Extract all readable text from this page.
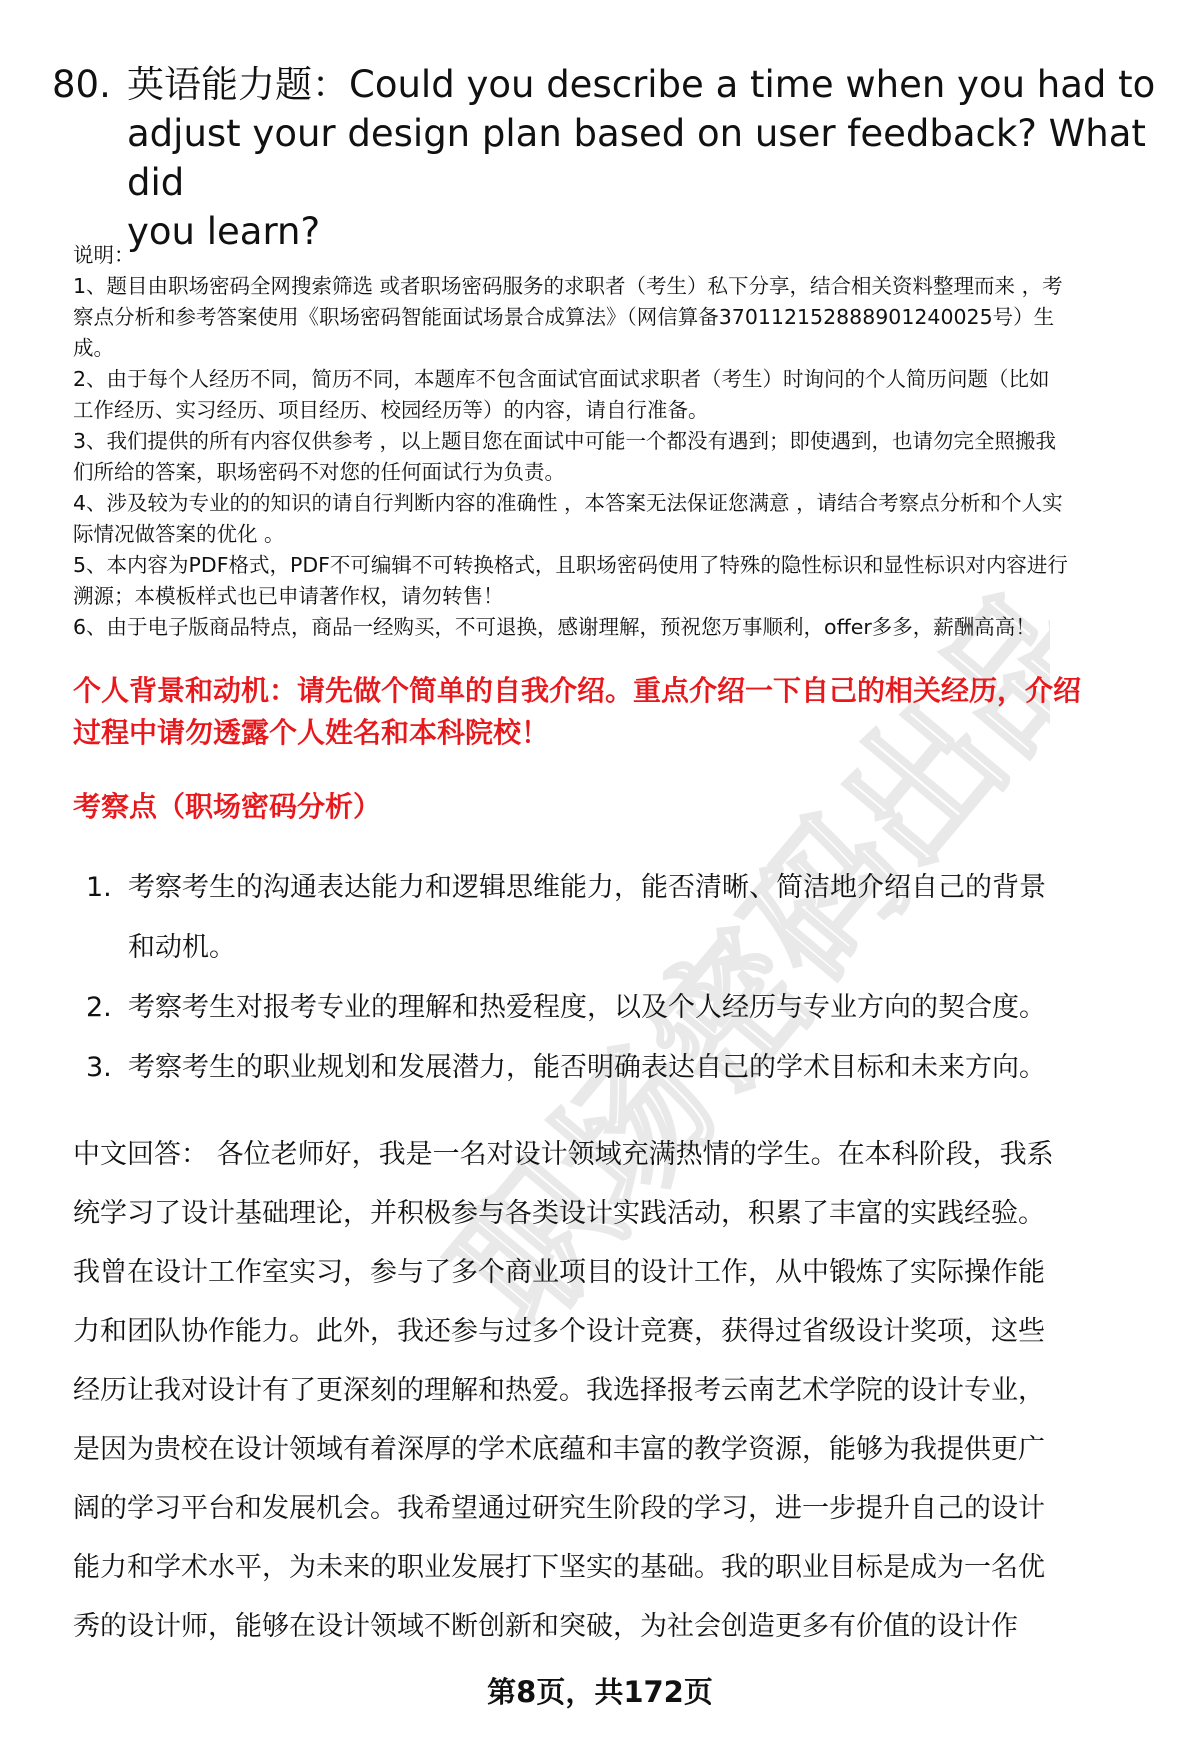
职场密码出品
80. 英语能力题：Could you describe a time when you had to
adjust your design plan based on user feedback? What did
you learn?
说明：
1、题目由职场密码全网搜索筛选 或者职场密码服务的求职者（考生）私下分享，结合相关资料整理而来 ，考
察点分析和参考答案使用《职场密码智能面试场景合成算法》（网信算备370112152888901240025号）生
成。
2、由于每个人经历不同，简历不同，本题库不包含面试官面试求职者（考生）时询问的个人简历问题（比如
工作经历、实习经历、项目经历、校园经历等）的内容，请自行准备。
3、我们提供的所有内容仅供参考 ，以上题目您在面试中可能一个都没有遇到；即使遇到，也请勿完全照搬我
们所给的答案，职场密码不对您的任何面试行为负责。
4、涉及较为专业的的知识的请自行判断内容的准确性 ，本答案无法保证您满意 ，请结合考察点分析和个人实
际情况做答案的优化 。
5、本内容为PDF格式，PDF不可编辑不可转换格式，且职场密码使用了特殊的隐性标识和显性标识对内容进行
溯源；本模板样式也已申请著作权，请勿转售！
6、由于电子版商品特点，商品一经购买，不可退换，感谢理解，预祝您万事顺利，offer多多，薪酬高高！
个人背景和动机：请先做个简单的自我介绍。重点介绍一下自己的相关经历，介绍
过程中请勿透露个人姓名和本科院校！
考察点（职场密码分析）
1. 考察考生的沟通表达能力和逻辑思维能力，能否清晰、简洁地介绍自己的背景
和动机。
2. 考察考生对报考专业的理解和热爱程度，以及个人经历与专业方向的契合度。
3. 考察考生的职业规划和发展潜力，能否明确表达自己的学术目标和未来方向。
中文回答： 各位老师好，我是一名对设计领域充满热情的学生。在本科阶段，我系
统学习了设计基础理论，并积极参与各类设计实践活动，积累了丰富的实践经验。
我曾在设计工作室实习，参与了多个商业项目的设计工作，从中锻炼了实际操作能
力和团队协作能力。此外，我还参与过多个设计竞赛，获得过省级设计奖项，这些
经历让我对设计有了更深刻的理解和热爱。我选择报考云南艺术学院的设计专业，
是因为贵校在设计领域有着深厚的学术底蕴和丰富的教学资源，能够为我提供更广
阔的学习平台和发展机会。我希望通过研究生阶段的学习，进一步提升自己的设计
能力和学术水平，为未来的职业发展打下坚实的基础。我的职业目标是成为一名优
秀的设计师，能够在设计领域不断创新和突破，为社会创造更多有价值的设计作
第8页，共172页
